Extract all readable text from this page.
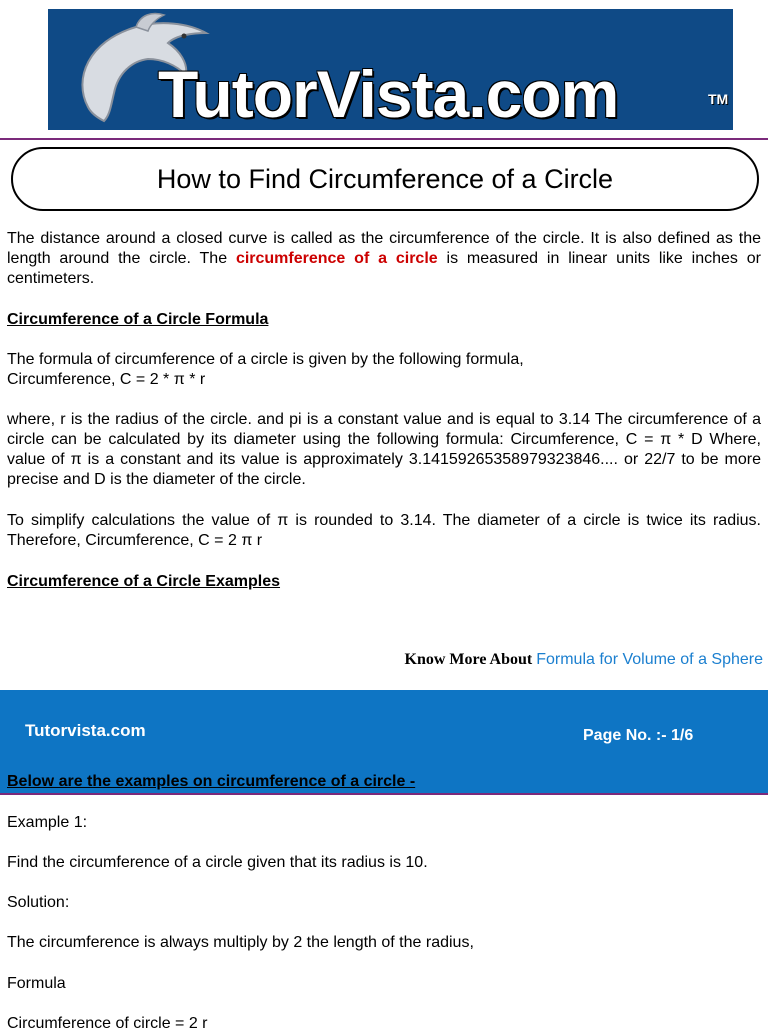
TutorVista.com	TM
How to Find Circumference of a Circle
The distance around a closed curve is called as the circumference of the circle. It is also defined as the length around the circle. The circumference of a circle is measured in linear units like inches or centimeters.
Circumference of a Circle Formula
The formula of circumference of a circle is given by the following formula,
Circumference, C = 2 * π * r
where, r is the radius of the circle. and pi is a constant value and is equal to 3.14 The circumference of a circle can be calculated by its diameter using the following formula: Circumference, C = π * D Where, value of π is a constant and its value is approximately 3.14159265358979323846.... or 22/7 to be more precise and D is the diameter of the circle.
To simplify calculations the value of π is rounded to 3.14. The diameter of a circle is twice its radius. Therefore, Circumference, C = 2 π r
Circumference of a Circle Examples
Know More About Formula for Volume of a Sphere
Tutorvista.com	Page No. :- 1/6
Below are the examples on circumference of a circle -
Example 1:
Find the circumference of a circle given that its radius is 10.
Solution:
The circumference is always multiply by 2 the length of the radius,
Formula
Circumference of circle = 2 r
